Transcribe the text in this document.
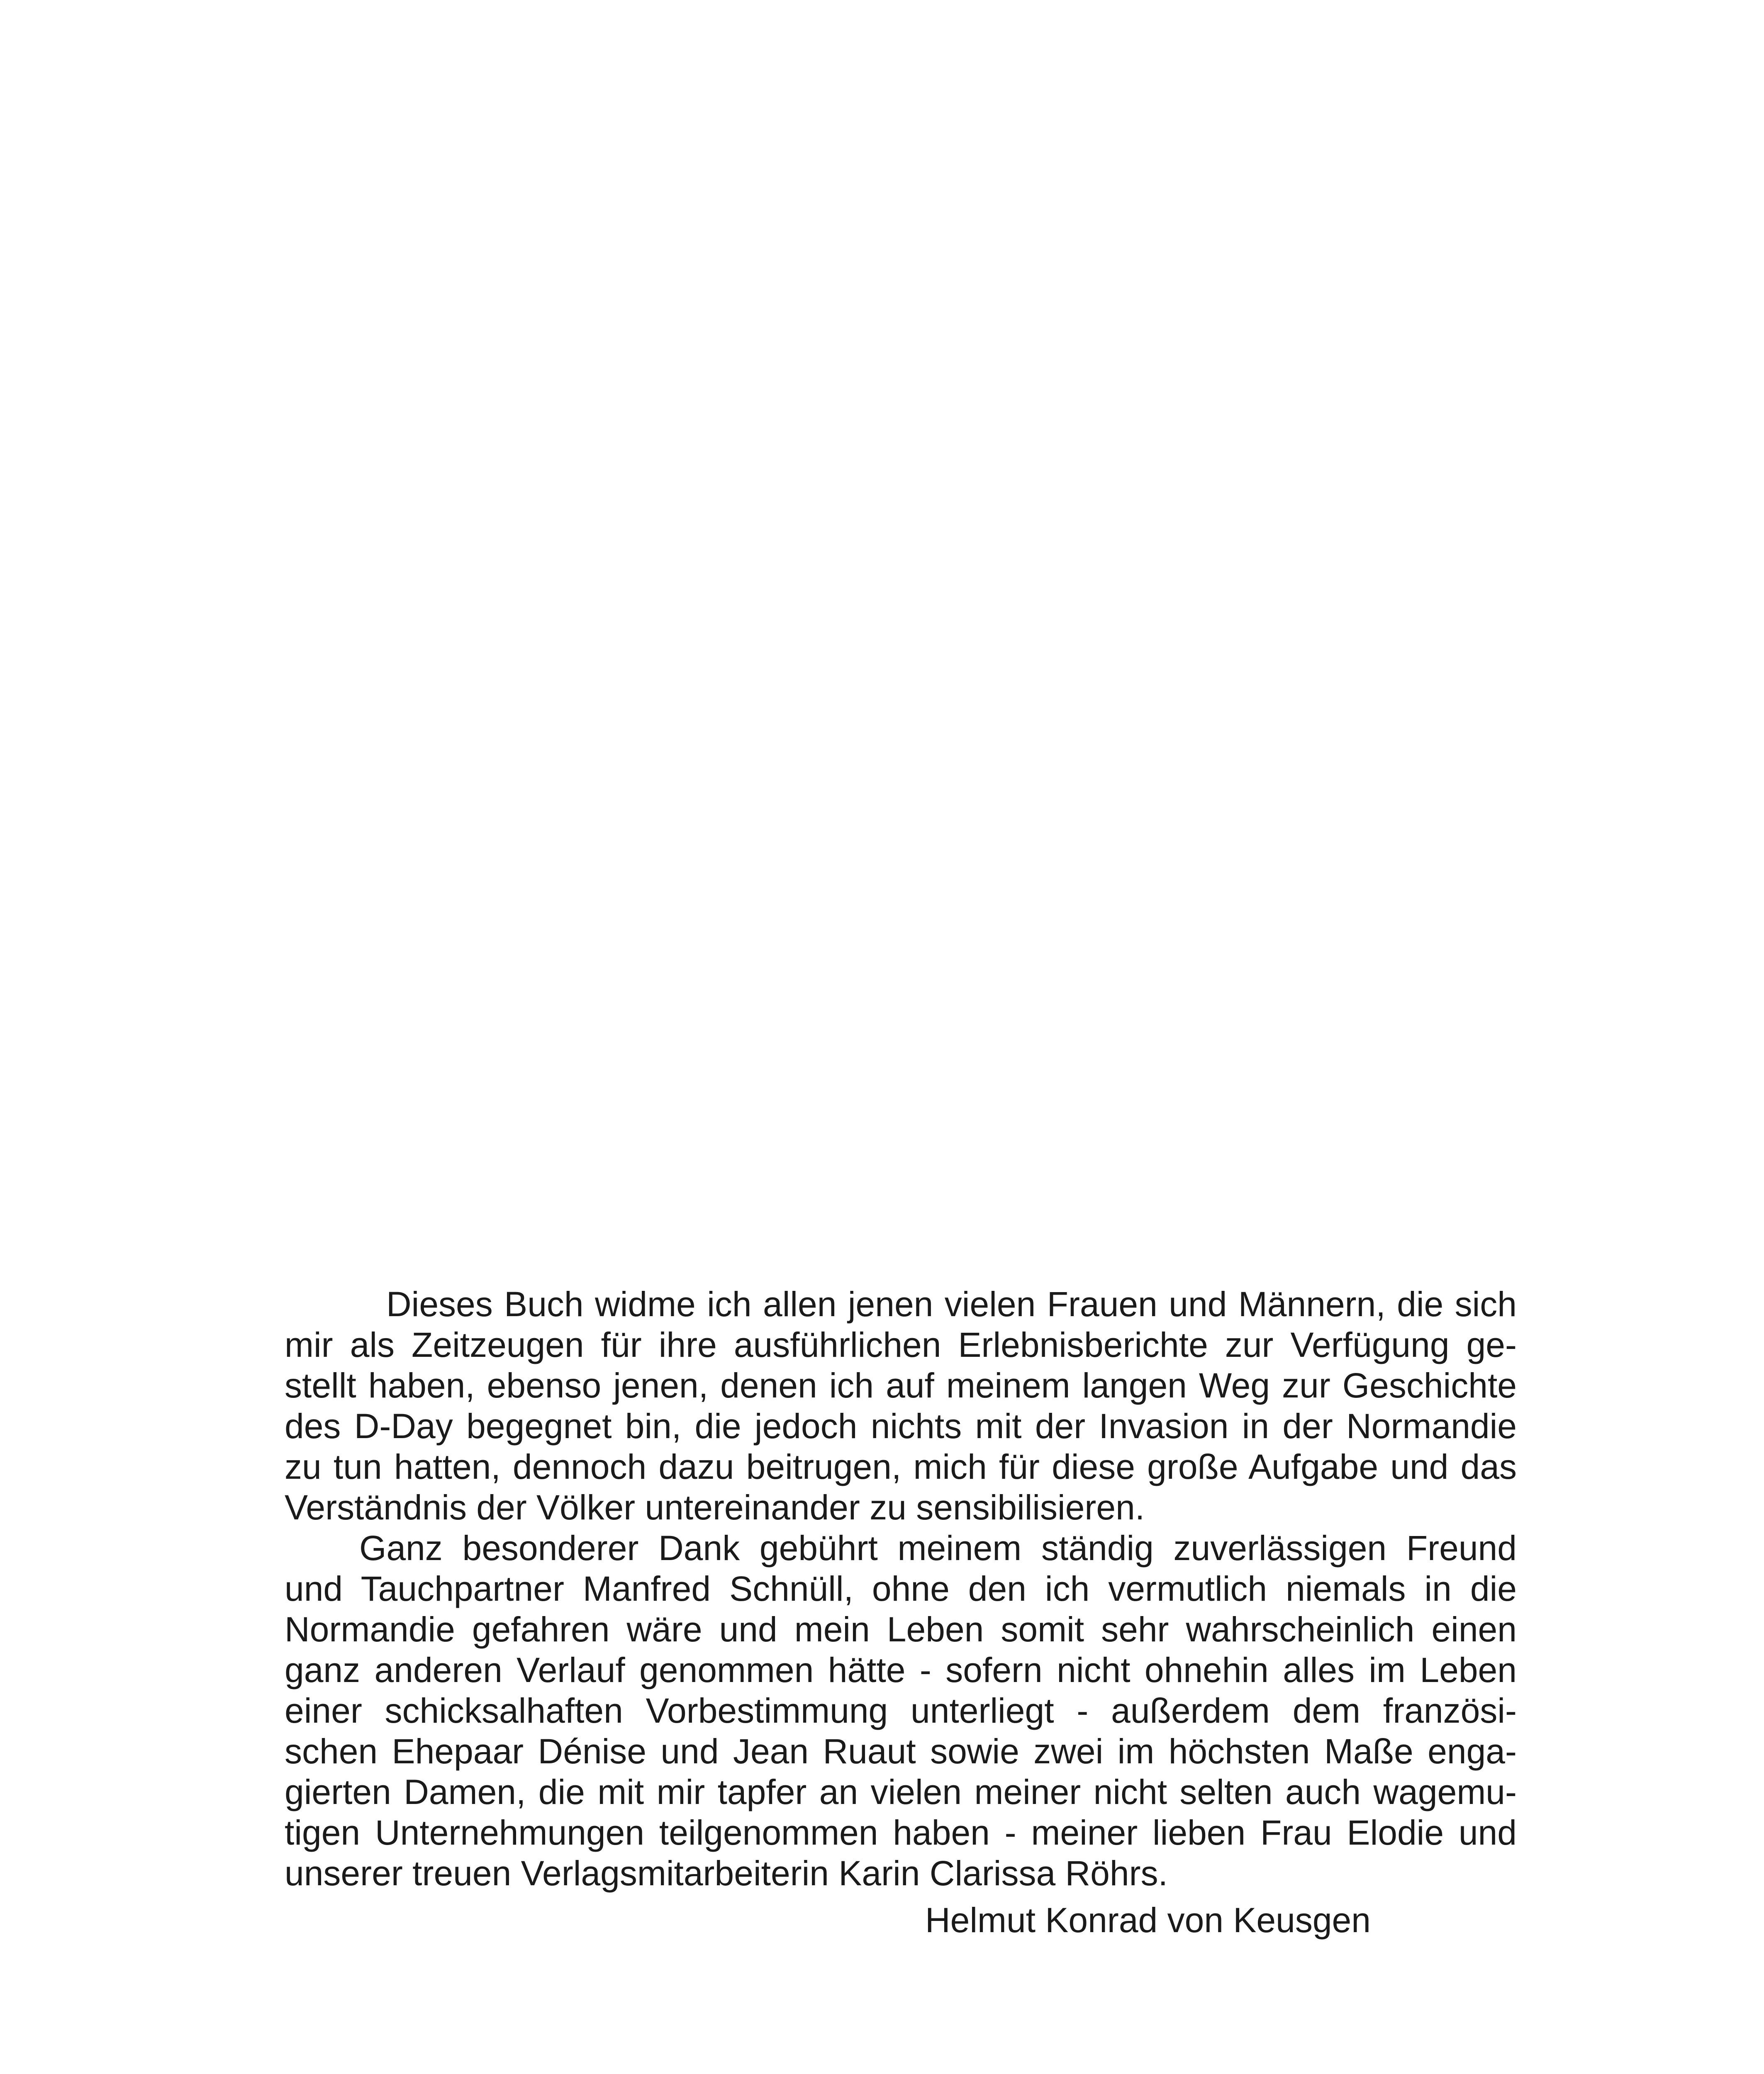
Dieses Buch widme ich allen jenen vielen Frauen und Männern, die sich
mir als Zeitzeugen für ihre ausführlichen Erlebnisberichte zur Verfügung ge-
stellt haben, ebenso jenen, denen ich auf meinem langen Weg zur Geschichte
des D-Day begegnet bin, die jedoch nichts mit der Invasion in der Normandie
zu tun hatten, dennoch dazu beitrugen, mich für diese große Aufgabe und das
Verständnis der Völker untereinander zu sensibilisieren.
Ganz besonderer Dank gebührt meinem ständig zuverlässigen Freund
und Tauchpartner Manfred Schnüll, ohne den ich vermutlich niemals in die
Normandie gefahren wäre und mein Leben somit sehr wahrscheinlich einen
ganz anderen Verlauf genommen hätte - sofern nicht ohnehin alles im Leben
einer schicksalhaften Vorbestimmung unterliegt - außerdem dem französi-
schen Ehepaar Dénise und Jean Ruaut sowie zwei im höchsten Maße enga-
gierten Damen, die mit mir tapfer an vielen meiner nicht selten auch wagemu-
tigen Unternehmungen teilgenommen haben - meiner lieben Frau Elodie und
unserer treuen Verlagsmitarbeiterin Karin Clarissa Röhrs.

Helmut Konrad von Keusgen
